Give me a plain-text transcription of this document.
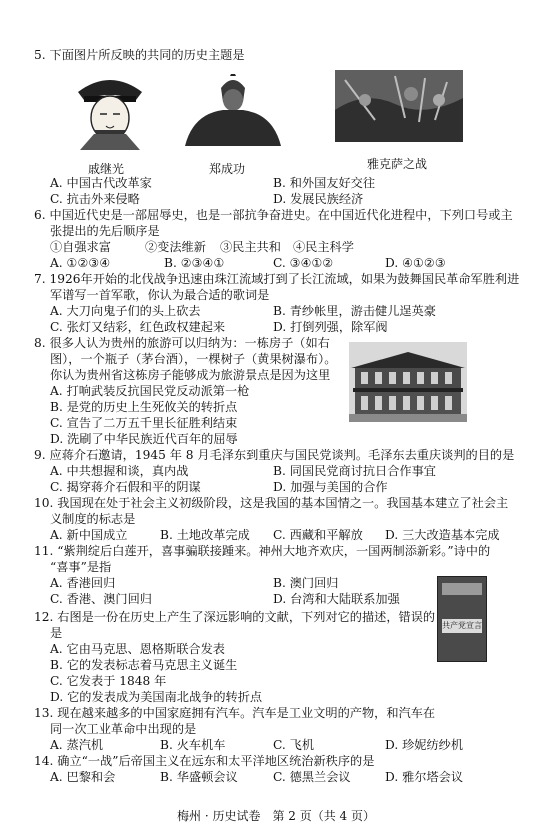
5. 下面图片所反映的共同的历史主题是
戚继光	郑成功	雅克萨之战
A. 中国古代改革家	B. 和外国友好交往
C. 抗击外来侵略	D. 发展民族经济
6. 中国近代史是一部屈辱史，也是一部抗争奋进史。在中国近代化进程中，下列口号或主
张提出的先后顺序是
①自强求富	②变法维新 ③民主共和 ④民主科学
A. ①②③④	B. ②③④①	C. ③④①②	D. ④①②③
7. 1926年开始的北伐战争迅速由珠江流域打到了长江流域，如果为鼓舞国民革命军胜利进
军谱写一首军歌，你认为最合适的歌词是
A. 大刀向鬼子们的头上砍去	B. 青纱帐里，游击健儿逞英豪
C. 张灯又结彩，红色政权建起来	D. 打倒列强，除军阀
8. 很多人认为贵州的旅游可以归纳为：一栋房子（如右
图），一个瓶子（茅台酒），一棵树子（黄果树瀑布）。
你认为贵州省这栋房子能够成为旅游景点是因为这里
A. 打响武装反抗国民党反动派第一枪
B. 是党的历史上生死攸关的转折点
C. 宣告了二万五千里长征胜利结束
D. 洗刷了中华民族近代百年的屈辱
9. 应蒋介石邀请，1945 年 8 月毛泽东到重庆与国民党谈判。毛泽东去重庆谈判的目的是
A. 中共想握和谈，真内战	B. 同国民党商讨抗日合作事宜
C. 揭穿蒋介石假和平的阴谋	D. 加强与美国的合作
10. 我国现在处于社会主义初级阶段，这是我国的基本国情之一。我国基本建立了社会主
义制度的标志是
A. 新中国成立	B. 土地改革完成 C. 西藏和平解放 D. 三大改造基本完成
11. “紫荆绽后白莲开，喜事骗联接踵来。神州大地齐欢庆，一国两制添新彩。”诗中的
“喜事”是指
A. 香港回归	B. 澳门回归
C. 香港、澳门回归	D. 台湾和大陆联系加强
12. 右图是一份在历史上产生了深远影响的文献，下列对它的描述，错误的
是
A. 它由马克思、恩格斯联合发表
B. 它的发表标志着马克思主义诞生
C. 它发表于 1848 年
D. 它的发表成为美国南北战争的转折点
共产党宣言
13. 现在越来越多的中国家庭拥有汽车。汽车是工业文明的产物，和汽车在
同一次工业革命中出现的是
A. 蒸汽机	B. 火车机车	C. 飞机	D. 珍妮纺纱机
14. 确立“一战”后帝国主义在远东和太平洋地区统治新秩序的是
A. 巴黎和会	B. 华盛顿会议	C. 德黑兰会议	D. 雅尔塔会议
梅州 · 历史试卷　第 2 页（共 4 页）
